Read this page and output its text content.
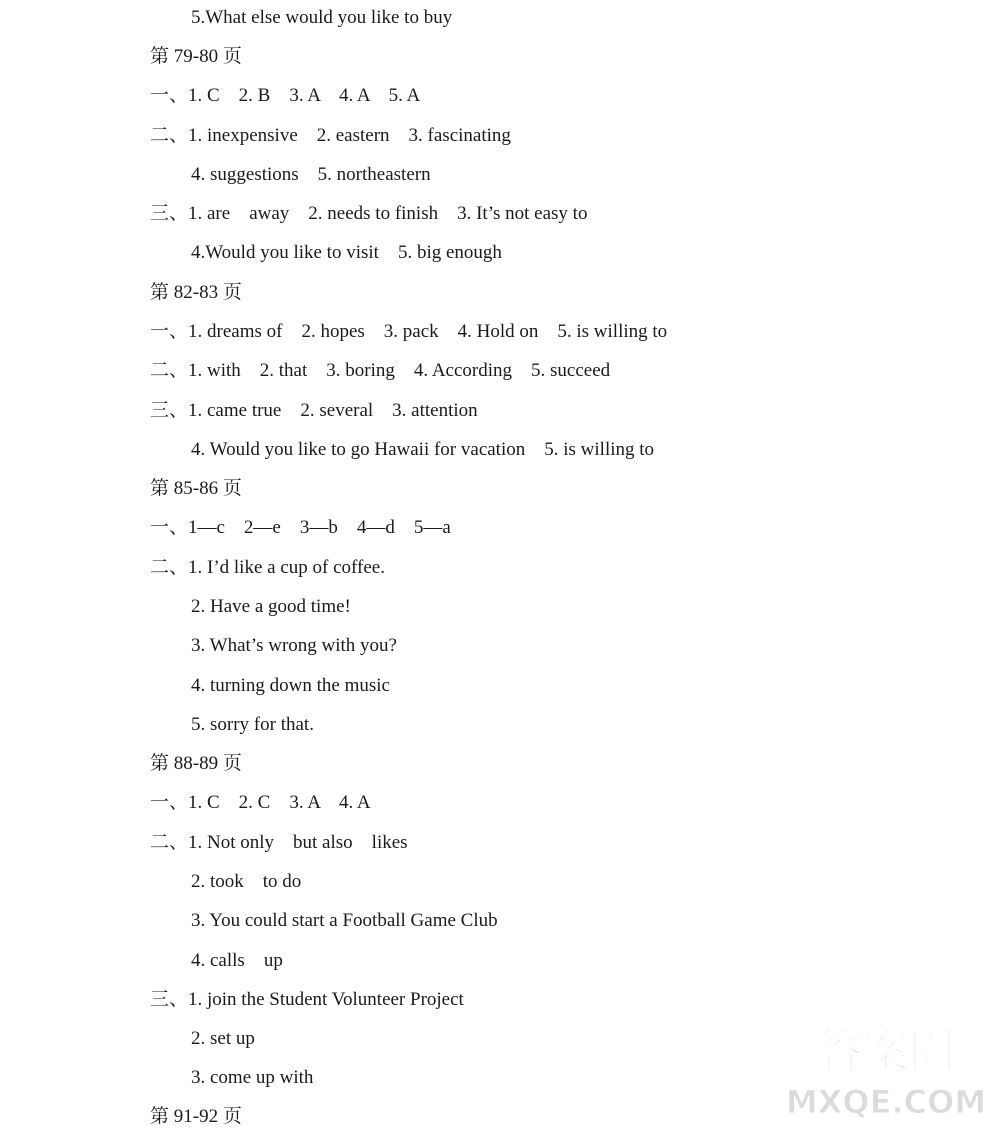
5.What else would you like to buy
第 79-80 页
一、1. C    2. B    3. A    4. A    5. A
二、1. inexpensive    2. eastern    3. fascinating
4. suggestions    5. northeastern
三、1. are    away    2. needs to finish    3. It’s not easy to
4.Would you like to visit    5. big enough
第 82-83 页
一、1. dreams of    2. hopes    3. pack    4. Hold on    5. is willing to
二、1. with    2. that    3. boring    4. According    5. succeed
三、1. came true    2. several    3. attention
4. Would you like to go Hawaii for vacation    5. is willing to
第 85-86 页
一、1—c    2—e    3—b    4—d    5—a
二、1. I’d like a cup of coffee.
2. Have a good time!
3. What’s wrong with you?
4. turning down the music
5. sorry for that.
第 88-89 页
一、1. C    2. C    3. A    4. A
二、1. Not only    but also    likes
2. took    to do
3. You could start a Football Game Club
4. calls    up
三、1. join the Student Volunteer Project
2. set up
3. come up with
第 91-92 页
答案圈
MXQE.COM
